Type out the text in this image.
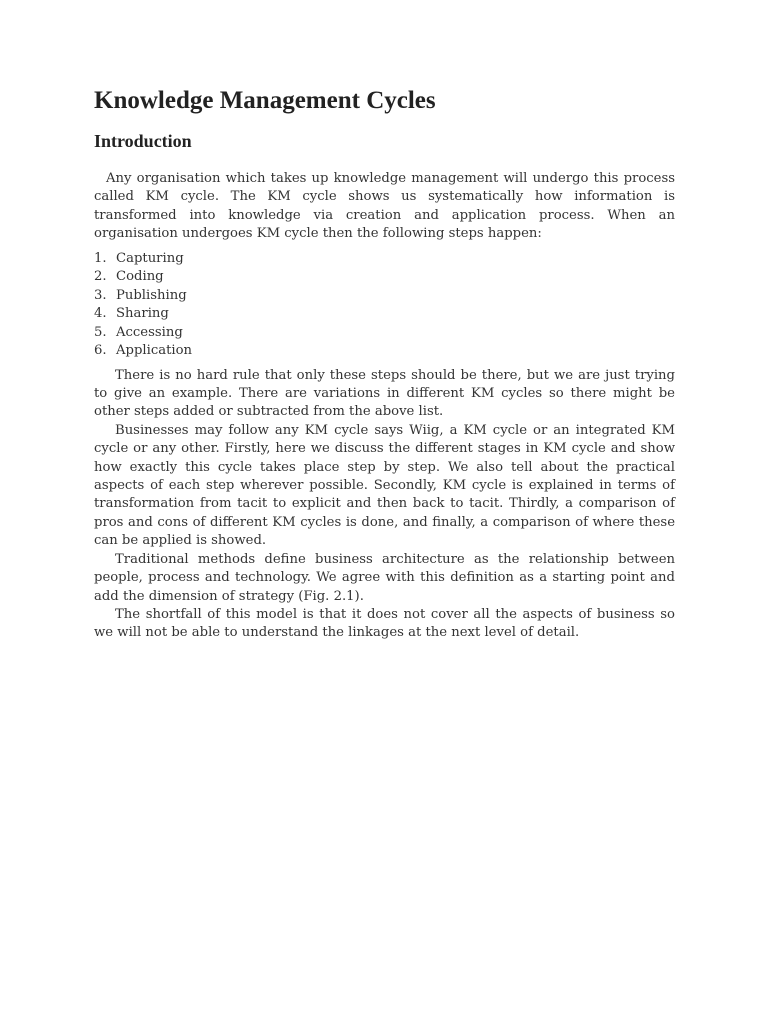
Knowledge Management Cycles
Introduction

Any organisation which takes up knowledge management will undergo this process called KM cycle. The KM cycle shows us systematically how information is transformed into knowledge via creation and application process. When an organisation undergoes KM cycle then the following steps happen:

1. Capturing
2. Coding
3. Publishing
4. Sharing
5. Accessing
6. Application

There is no hard rule that only these steps should be there, but we are just trying to give an example. There are variations in different KM cycles so there might be other steps added or subtracted from the above list.

Businesses may follow any KM cycle says Wiig, a KM cycle or an integrated KM cycle or any other. Firstly, here we discuss the different stages in KM cycle and show how exactly this cycle takes place step by step. We also tell about the practical aspects of each step wherever possible. Secondly, KM cycle is explained in terms of transformation from tacit to explicit and then back to tacit. Thirdly, a comparison of pros and cons of different KM cycles is done, and finally, a comparison of where these can be applied is showed.

Traditional methods define business architecture as the relationship between people, process and technology. We agree with this definition as a starting point and add the dimension of strategy (Fig. 2.1).

The shortfall of this model is that it does not cover all the aspects of business so we will not be able to understand the linkages at the next level of detail.
